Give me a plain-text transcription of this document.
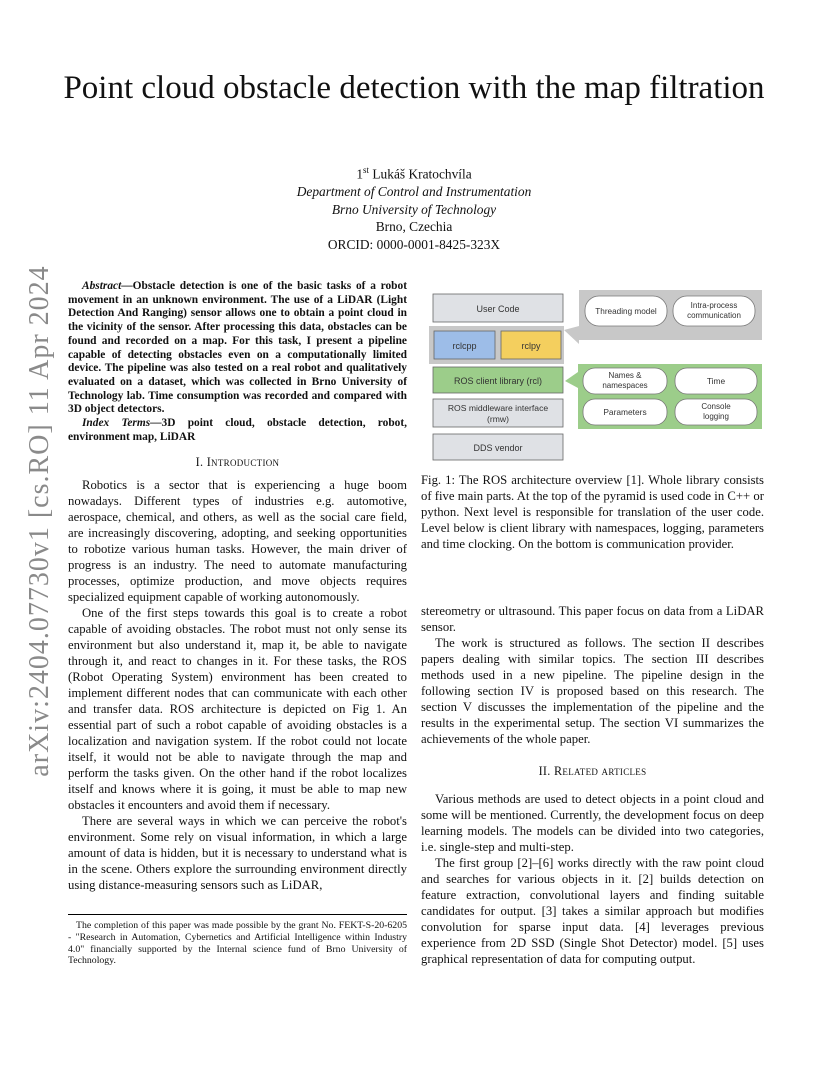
arXiv:2404.07730v1 [cs.RO] 11 Apr 2024
Point cloud obstacle detection with the map filtration
1st Lukáš Kratochvíla
Department of Control and Instrumentation
Brno University of Technology
Brno, Czechia
ORCID: 0000-0001-8425-323X

Abstract—Obstacle detection is one of the basic tasks of a robot movement in an unknown environment. The use of a LiDAR (Light Detection And Ranging) sensor allows one to obtain a point cloud in the vicinity of the sensor. After processing this data, obstacles can be found and recorded on a map. For this task, I present a pipeline capable of detecting obstacles even on a computationally limited device. The pipeline was also tested on a real robot and qualitatively evaluated on a dataset, which was collected in Brno University of Technology lab. Time consumption was recorded and compared with 3D object detectors.

Index Terms—3D point cloud, obstacle detection, robot, environment map, LiDAR

I. Introduction

Robotics is a sector that is experiencing a huge boom nowadays. Different types of industries e.g. automotive, aerospace, chemical, and others, as well as the social care field, are increasingly discovering, adopting, and seeking opportunities to robotize various human tasks. However, the main driver of progress is an industry. The need to automate manufacturing processes, optimize production, and move objects requires specialized equipment capable of working autonomously.

One of the first steps towards this goal is to create a robot capable of avoiding obstacles. The robot must not only sense its environment but also understand it, map it, be able to navigate through it, and react to changes in it. For these tasks, the ROS (Robot Operating System) environment has been created to implement different nodes that can communicate with each other and transfer data. ROS architecture is depicted on Fig 1. An essential part of such a robot capable of avoiding obstacles is a localization and navigation system. If the robot could not locate itself, it would not be able to navigate through the map and perform the tasks given. On the other hand if the robot localizes itself and knows where it is going, it must be able to map new obstacles it encounters and avoid them if necessary.

There are several ways in which we can perceive the robot's environment. Some rely on visual information, in which a large amount of data is hidden, but it is necessary to understand what is in the scene. Others explore the surrounding environment directly using distance-measuring sensors such as LiDAR,

The completion of this paper was made possible by the grant No. FEKT-S-20-6205 - "Research in Automation, Cybernetics and Artificial Intelligence within Industry 4.0" financially supported by the Internal science fund of Brno University of Technology.

User Code
rclcpp	rclpy
ROS client library (rcl)
ROS middleware interface
(rmw)
DDS vendor
Threading model
Intra-process
communication
Names &
namespaces	Time
Parameters
Console
logging

Fig. 1: The ROS architecture overview [1]. Whole library consists of five main parts. At the top of the pyramid is used code in C++ or python. Next level is responsible for translation of the user code. Level below is client library with namespaces, logging, parameters and time clocking. On the bottom is communication provider.

stereometry or ultrasound. This paper focus on data from a LiDAR sensor.

The work is structured as follows. The section II describes papers dealing with similar topics. The section III describes methods used in a new pipeline. The pipeline design in the following section IV is proposed based on this research. The section V discusses the implementation of the pipeline and the results in the experimental setup. The section VI summarizes the achievements of the whole paper.

II. Related articles

Various methods are used to detect objects in a point cloud and some will be mentioned. Currently, the development focus on deep learning models. The models can be divided into two categories, i.e. single-step and multi-step.

The first group [2]–[6] works directly with the raw point cloud and searches for various objects in it. [2] builds detection on feature extraction, convolutional layers and finding suitable candidates for output. [3] takes a similar approach but modifies convolution for sparse input data. [4] leverages previous experience from 2D SSD (Single Shot Detector) model. [5] uses graphical representation of data for computing output.
